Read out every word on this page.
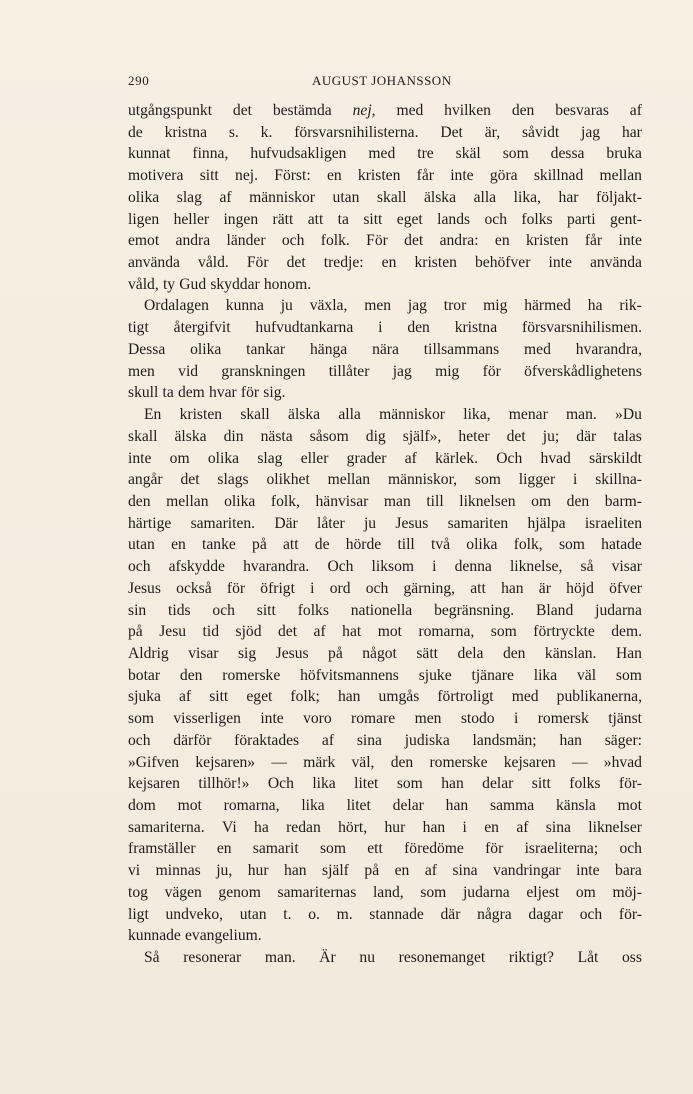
290	AUGUST JOHANSSON
utgångspunkt det bestämda nej, med hvilken den besvaras af
de kristna s. k. försvarsnihilisterna. Det är, såvidt jag har
kunnat finna, hufvudsakligen med tre skäl som dessa bruka
motivera sitt nej. Först: en kristen får inte göra skillnad mellan
olika slag af människor utan skall älska alla lika, har följakt-
ligen heller ingen rätt att ta sitt eget lands och folks parti gent-
emot andra länder och folk. För det andra: en kristen får inte
använda våld. För det tredje: en kristen behöfver inte använda
våld, ty Gud skyddar honom.
Ordalagen kunna ju växla, men jag tror mig härmed ha rik-
tigt återgifvit hufvudtankarna i den kristna försvarsnihilismen.
Dessa olika tankar hänga nära tillsammans med hvarandra,
men vid granskningen tillåter jag mig för öfverskådlighetens
skull ta dem hvar för sig.
En kristen skall älska alla människor lika, menar man. »Du
skall älska din nästa såsom dig själf», heter det ju; där talas
inte om olika slag eller grader af kärlek. Och hvad särskildt
angår det slags olikhet mellan människor, som ligger i skillna-
den mellan olika folk, hänvisar man till liknelsen om den barm-
härtige samariten. Där låter ju Jesus samariten hjälpa israeliten
utan en tanke på att de hörde till två olika folk, som hatade
och afskydde hvarandra. Och liksom i denna liknelse, så visar
Jesus också för öfrigt i ord och gärning, att han är höjd öfver
sin tids och sitt folks nationella begränsning. Bland judarna
på Jesu tid sjöd det af hat mot romarna, som förtryckte dem.
Aldrig visar sig Jesus på något sätt dela den känslan. Han
botar den romerske höfvitsmannens sjuke tjänare lika väl som
sjuka af sitt eget folk; han umgås förtroligt med publikanerna,
som visserligen inte voro romare men stodo i romersk tjänst
och därför föraktades af sina judiska landsmän; han säger:
»Gifven kejsaren» — märk väl, den romerske kejsaren — »hvad
kejsaren tillhör!» Och lika litet som han delar sitt folks för-
dom mot romarna, lika litet delar han samma känsla mot
samariterna. Vi ha redan hört, hur han i en af sina liknelser
framställer en samarit som ett föredöme för israeliterna; och
vi minnas ju, hur han själf på en af sina vandringar inte bara
tog vägen genom samariternas land, som judarna eljest om möj-
ligt undveko, utan t. o. m. stannade där några dagar och för-
kunnade evangelium.
Så resonerar man. Är nu resonemanget riktigt? Låt oss
